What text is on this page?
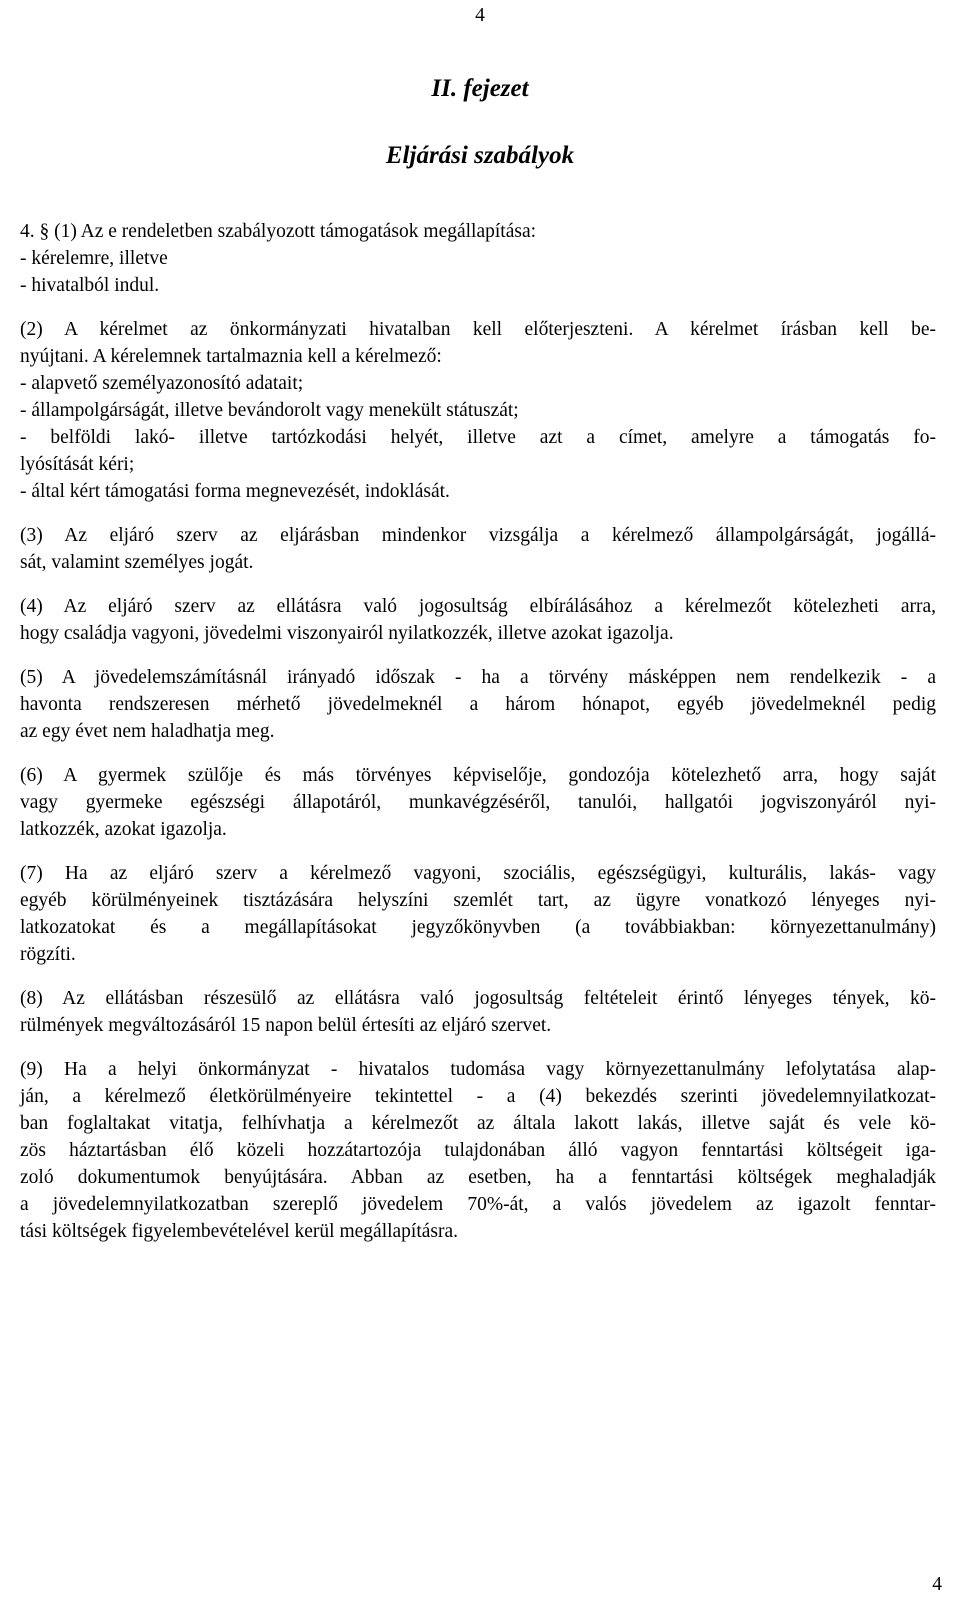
4
II. fejezet
Eljárási szabályok
4. § (1) Az e rendeletben szabályozott támogatások megállapítása:
- kérelemre, illetve
- hivatalból indul.
(2) A kérelmet az önkormányzati hivatalban kell előterjeszteni. A kérelmet írásban kell be-
nyújtani. A kérelemnek tartalmaznia kell a kérelmező:
- alapvető személyazonosító adatait;
- állampolgárságát, illetve bevándorolt vagy menekült státuszát;
- belföldi lakó- illetve tartózkodási helyét, illetve azt a címet, amelyre a támogatás fo-
lyósítását kéri;
- által kért támogatási forma megnevezését, indoklását.
(3) Az eljáró szerv az eljárásban mindenkor vizsgálja a kérelmező állampolgárságát, jogállá-
sát, valamint személyes jogát.
(4) Az eljáró szerv az ellátásra való jogosultság elbírálásához a kérelmezőt kötelezheti arra,
hogy családja vagyoni, jövedelmi viszonyairól nyilatkozzék, illetve azokat igazolja.
(5) A jövedelemszámításnál irányadó időszak - ha a törvény másképpen nem rendelkezik - a
havonta rendszeresen mérhető jövedelmeknél a három hónapot, egyéb jövedelmeknél pedig
az egy évet nem haladhatja meg.
(6) A gyermek szülője és más törvényes képviselője, gondozója kötelezhető arra, hogy saját
vagy gyermeke egészségi állapotáról, munkavégzéséről, tanulói, hallgatói jogviszonyáról nyi-
latkozzék, azokat igazolja.
(7) Ha az eljáró szerv a kérelmező vagyoni, szociális, egészségügyi, kulturális, lakás- vagy
egyéb körülményeinek tisztázására helyszíni szemlét tart, az ügyre vonatkozó lényeges nyi-
latkozatokat és a megállapításokat jegyzőkönyvben (a továbbiakban: környezettanulmány)
rögzíti.
(8) Az ellátásban részesülő az ellátásra való jogosultság feltételeit érintő lényeges tények, kö-
rülmények megváltozásáról 15 napon belül értesíti az eljáró szervet.
(9) Ha a helyi önkormányzat - hivatalos tudomása vagy környezettanulmány lefolytatása alap-
ján, a kérelmező életkörülményeire tekintettel - a (4) bekezdés szerinti jövedelemnyilatkozat-
ban foglaltakat vitatja, felhívhatja a kérelmezőt az általa lakott lakás, illetve saját és vele kö-
zös háztartásban élő közeli hozzátartozója tulajdonában álló vagyon fenntartási költségeit iga-
zoló dokumentumok benyújtására. Abban az esetben, ha a fenntartási költségek meghaladják
a jövedelemnyilatkozatban szereplő jövedelem 70%-át, a valós jövedelem az igazolt fenntar-
tási költségek figyelembevételével kerül megállapításra.
4
